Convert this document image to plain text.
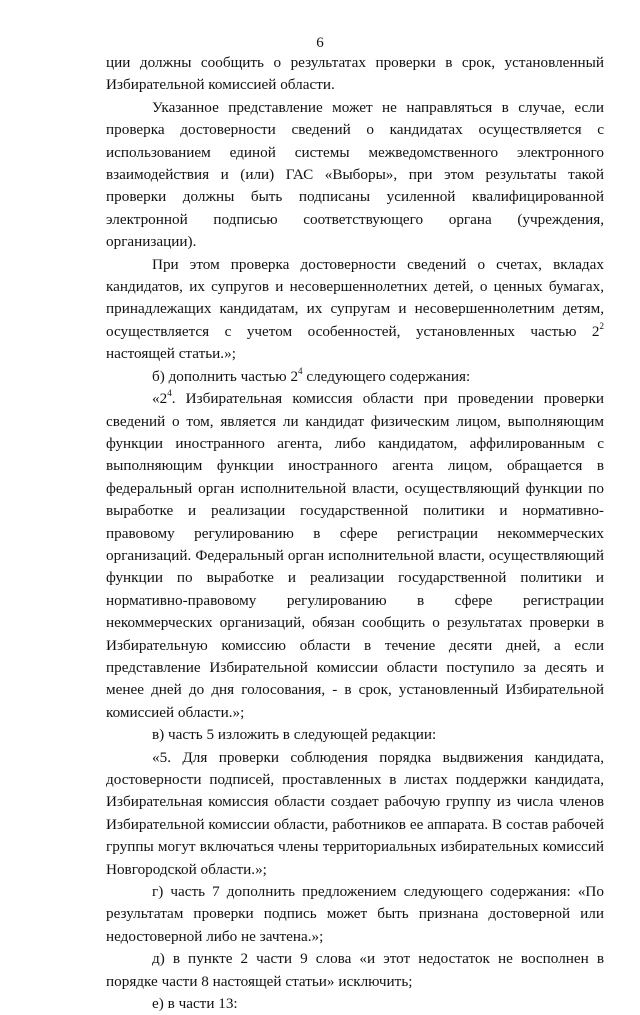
6

ции должны сообщить о результатах проверки в срок, установленный Избирательной комиссией области.

Указанное представление может не направляться в случае, если проверка достоверности сведений о кандидатах осуществляется с использованием единой системы межведомственного электронного взаимодействия и (или) ГАС «Выборы», при этом результаты такой проверки должны быть подписаны усиленной квалифицированной электронной подписью соответствующего органа (учреждения, организации).

При этом проверка достоверности сведений о счетах, вкладах кандидатов, их супругов и несовершеннолетних детей, о ценных бумагах, принадлежащих кандидатам, их супругам и несовершеннолетним детям, осуществляется с учетом особенностей, установленных частью $2^2$ настоящей статьи.»;

б) дополнить частью $2^4$ следующего содержания:

«$2^4$. Избирательная комиссия области при проведении проверки сведений о том, является ли кандидат физическим лицом, выполняющим функции иностранного агента, либо кандидатом, аффилированным с выполняющим функции иностранного агента лицом, обращается в федеральный орган исполнительной власти, осуществляющий функции по выработке и реализации государственной политики и нормативно-правовому регулированию в сфере регистрации некоммерческих организаций. Федеральный орган исполнительной власти, осуществляющий функции по выработке и реализации государственной политики и нормативно-правовому регулированию в сфере регистрации некоммерческих организаций, обязан сообщить о результатах проверки в Избирательную комиссию области в течение десяти дней, а если представление Избирательной комиссии области поступило за десять и менее дней до дня голосования, - в срок, установленный Избирательной комиссией области.»;

в) часть 5 изложить в следующей редакции:

«5. Для проверки соблюдения порядка выдвижения кандидата, достоверности подписей, проставленных в листах поддержки кандидата, Избирательная комиссия области создает рабочую группу из числа членов Избирательной комиссии области, работников ее аппарата. В состав рабочей группы могут включаться члены территориальных избирательных комиссий Новгородской области.»;

г) часть 7 дополнить предложением следующего содержания: «По результатам проверки подпись может быть признана достоверной или недостоверной либо не зачтена.»;

д) в пункте 2 части 9 слова «и этот недостаток не восполнен в порядке части 8 настоящей статьи» исключить;

е) в части 13:
